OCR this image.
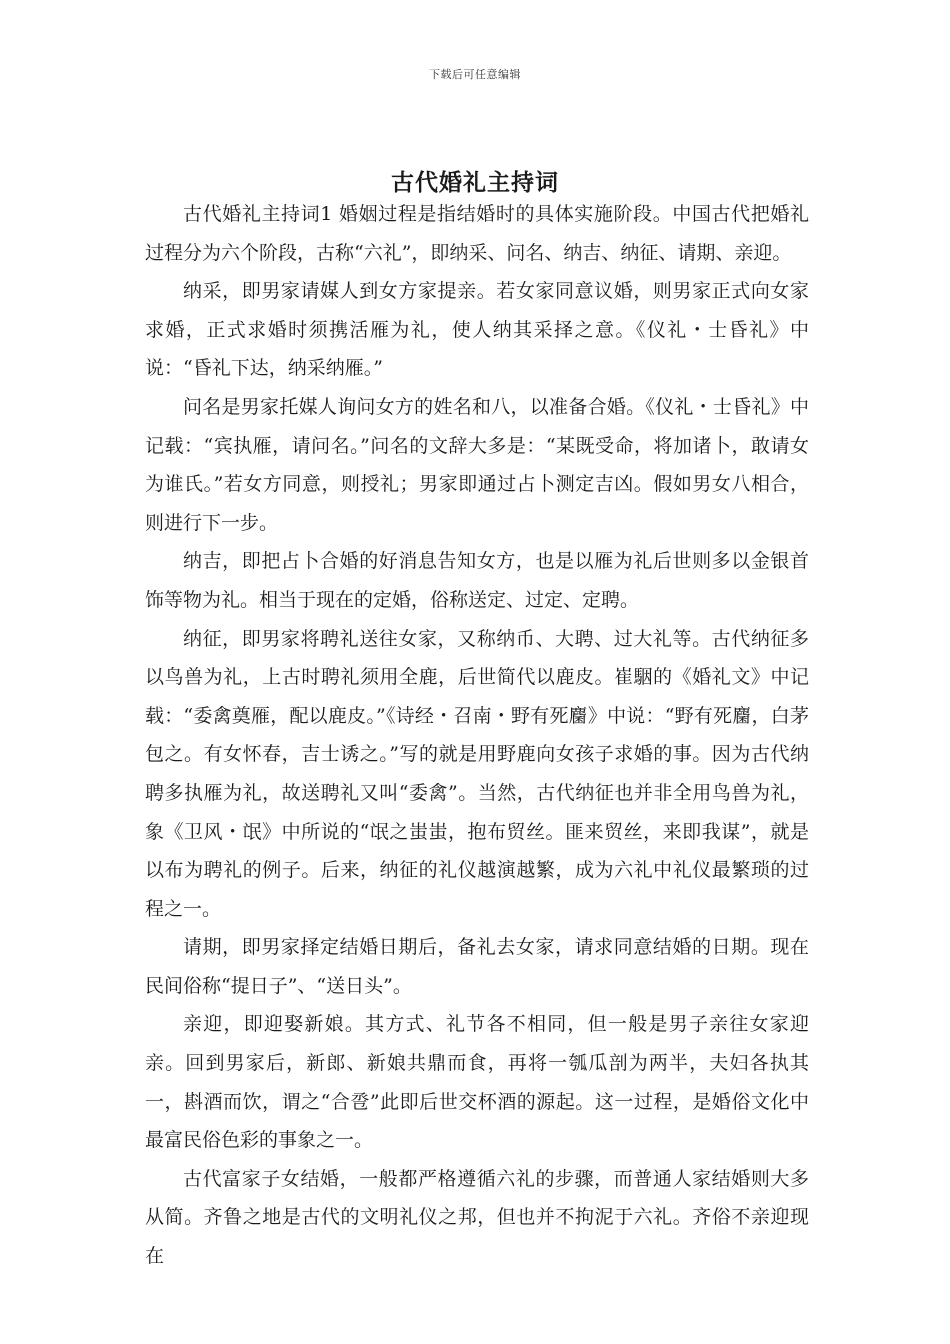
下载后可任意编辑
古代婚礼主持词

古代婚礼主持词1 婚姻过程是指结婚时的具体实施阶段。中国古代把婚礼过程分为六个阶段，古称“六礼”，即纳采、问名、纳吉、纳征、请期、亲迎。

纳采，即男家请媒人到女方家提亲。若女家同意议婚，则男家正式向女家求婚，正式求婚时须携活雁为礼，使人纳其采择之意。《仪礼・士昏礼》中说：“昏礼下达，纳采纳雁。”

问名是男家托媒人询问女方的姓名和八，以准备合婚。《仪礼・士昏礼》中记载：“宾执雁，请问名。”问名的文辞大多是：“某既受命，将加诸卜，敢请女为谁氏。”若女方同意，则授礼；男家即通过占卜测定吉凶。假如男女八相合，则进行下一步。

纳吉，即把占卜合婚的好消息告知女方，也是以雁为礼后世则多以金银首饰等物为礼。相当于现在的定婚，俗称送定、过定、定聘。

纳征，即男家将聘礼送往女家，又称纳币、大聘、过大礼等。古代纳征多以鸟兽为礼，上古时聘礼须用全鹿，后世简代以鹿皮。崔駰的《婚礼文》中记载：“委禽奠雁，配以鹿皮。”《诗经・召南・野有死麕》中说：“野有死麕，白茅包之。有女怀春，吉士诱之。”写的就是用野鹿向女孩子求婚的事。因为古代纳聘多执雁为礼，故送聘礼又叫“委禽”。当然，古代纳征也并非全用鸟兽为礼，象《卫风・氓》中所说的“氓之蚩蚩，抱布贸丝。匪来贸丝，来即我谋”，就是以布为聘礼的例子。后来，纳征的礼仪越演越繁，成为六礼中礼仪最繁琐的过程之一。

请期，即男家择定结婚日期后，备礼去女家，请求同意结婚的日期。现在民间俗称“提日子”、“送日头”。

亲迎，即迎娶新娘。其方式、礼节各不相同，但一般是男子亲往女家迎亲。回到男家后，新郎、新娘共鼎而食，再将一瓠瓜剖为两半，夫妇各执其一，斟酒而饮，谓之“合卺”此即后世交杯酒的源起。这一过程，是婚俗文化中最富民俗色彩的事象之一。

古代富家子女结婚，一般都严格遵循六礼的步骤，而普通人家结婚则大多从简。齐鲁之地是古代的文明礼仪之邦，但也并不拘泥于六礼。齐俗不亲迎现在
